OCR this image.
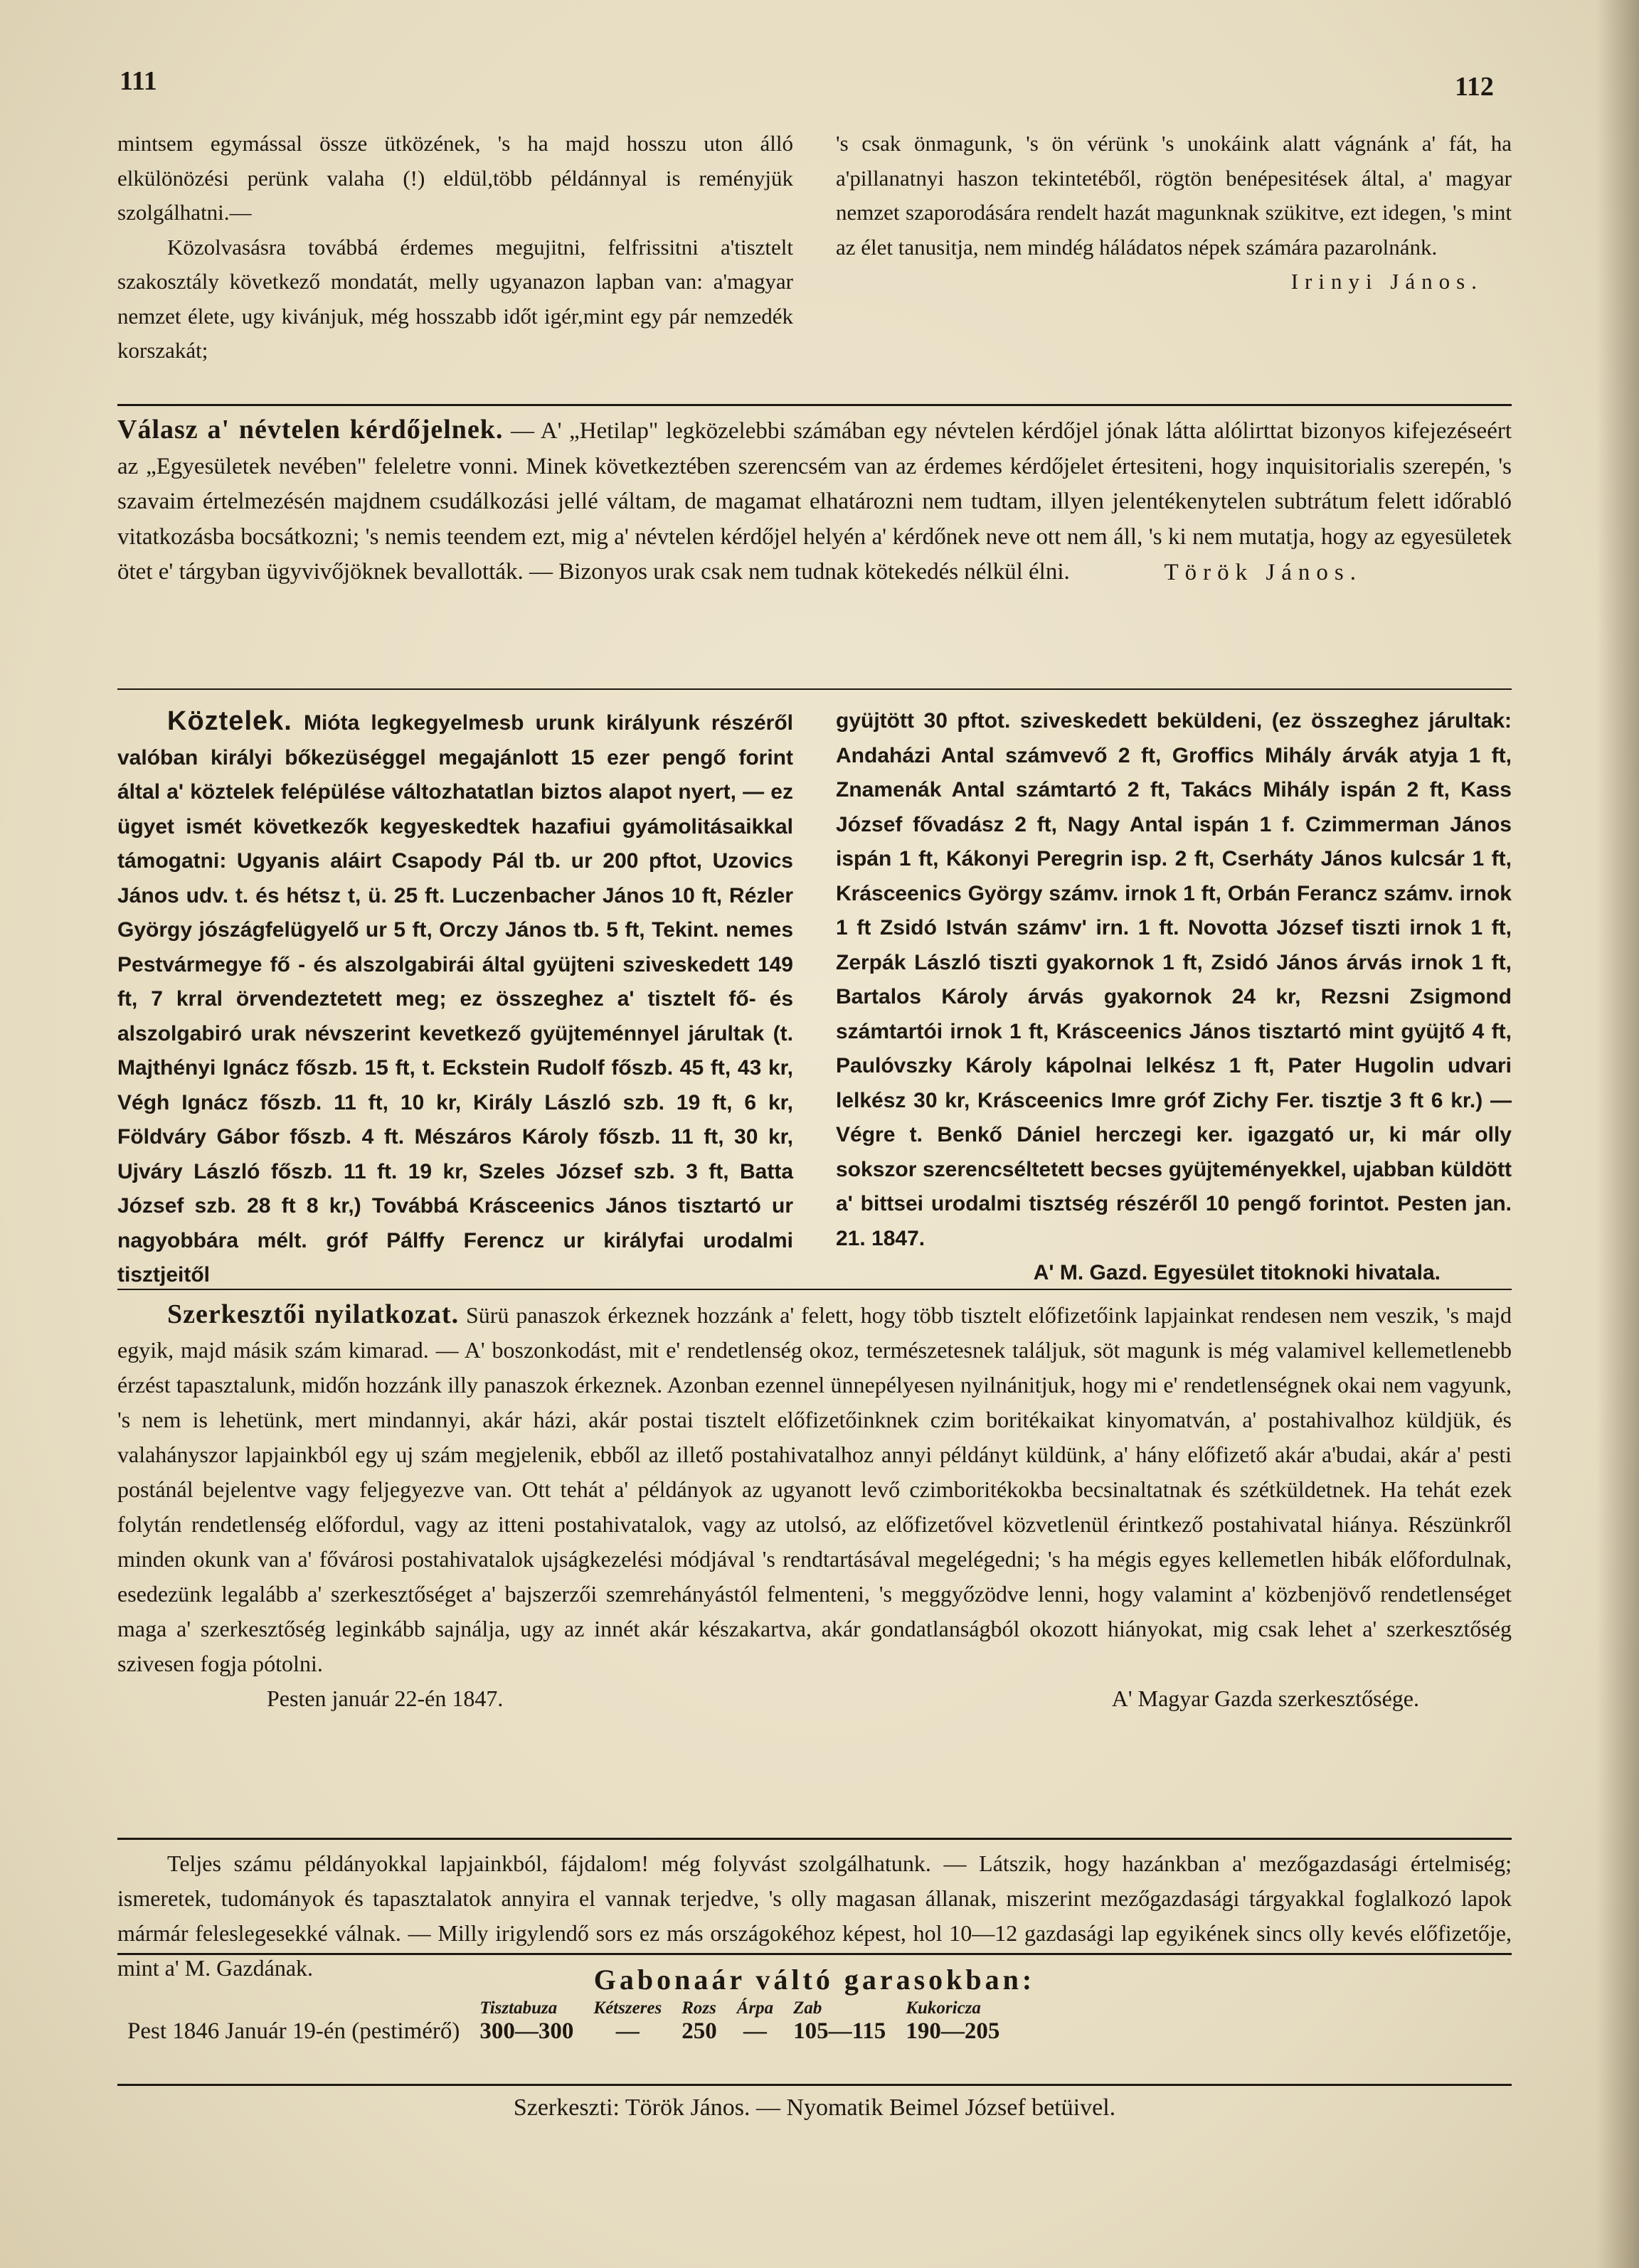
111	112

mintsem egymással össze ütközének, 's ha majd hosszu uton álló elkülönözési perünk valaha (!) eldül,több példánnyal is reményjük szolgálhatni.—

Közolvasásra továbbá érdemes megujitni, felfrissitni a'tisztelt szakosztály következő mondatát, melly ugyanazon lapban van: a'magyar nemzet élete, ugy kivánjuk, még hosszabb időt igér,mint egy pár nemzedék korszakát;

's csak önmagunk, 's ön vérünk 's unokáink alatt vágnánk a' fát, ha a'pillanatnyi haszon tekintetéből, rögtön benépesitések által, a' magyar nemzet szaporodására rendelt hazát magunknak szükitve, ezt idegen, 's mint az élet tanusitja, nem mindég háládatos népek számára pazarolnánk.

Irinyi János.

Válasz a' névtelen kérdőjelnek. — A' „Hetilap" legközelebbi számában egy névtelen kérdőjel jónak látta alólirttat bizonyos kifejezéseért az „Egyesületek nevében" feleletre vonni. Minek következtében szerencsém van az érdemes kérdőjelet értesiteni, hogy inquisitorialis szerepén, 's szavaim értelmezésén majdnem csudálkozási jellé váltam, de magamat elhatározni nem tudtam, illyen jelentékenytelen subtrátum felett időrabló vitatkozásba bocsátkozni; 's nemis teendem ezt, mig a' névtelen kérdőjel helyén a' kérdőnek neve ott nem áll, 's ki nem mutatja, hogy az egyesületek ötet e' tárgyban ügyvivőjöknek bevallották. — Bizonyos urak csak nem tudnak kötekedés nélkül élni.	Török János.

Köztelek. Mióta legkegyelmesb urunk királyunk részéről valóban királyi bőkezüséggel megajánlott 15 ezer pengő forint által a' köztelek felépülése változhatatlan biztos alapot nyert, — ez ügyet ismét következők kegyeskedtek hazafiui gyámolitásaikkal támogatni: Ugyanis aláirt Csapody Pál tb. ur 200 pftot, Uzovics János udv. t. és hétsz t, ü. 25 ft. Luczenbacher János 10 ft, Rézler György jószágfelügyelő ur 5 ft, Orczy János tb. 5 ft, Tekint. nemes Pestvármegye fő - és alszolgabirái által gyüjteni sziveskedett 149 ft, 7 krral örvendeztetett meg; ez összeghez a' tisztelt fő- és alszolgabiró urak névszerint kevetkező gyüjteménnyel járultak (t. Majthényi Ignácz főszb. 15 ft, t. Eckstein Rudolf főszb. 45 ft, 43 kr, Végh Ignácz főszb. 11 ft, 10 kr, Király László szb. 19 ft, 6 kr, Földváry Gábor főszb. 4 ft. Mészáros Károly főszb. 11 ft, 30 kr, Ujváry László főszb. 11 ft. 19 kr, Szeles József szb. 3 ft, Batta József szb. 28 ft 8 kr,) Továbbá Krásceenics János tisztartó ur nagyobbára mélt. gróf Pálffy Ferencz ur királyfai urodalmi tisztjeitől

gyüjtött 30 pftot. sziveskedett beküldeni, (ez összeghez járultak: Andaházi Antal számvevő 2 ft, Groffics Mihály árvák atyja 1 ft, Znamenák Antal számtartó 2 ft, Takács Mihály ispán 2 ft, Kass József fővadász 2 ft, Nagy Antal ispán 1 f. Czimmerman János ispán 1 ft, Kákonyi Peregrin isp. 2 ft, Cserháty János kulcsár 1 ft, Krásceenics György számv. irnok 1 ft, Orbán Ferancz számv. irnok 1 ft Zsidó István számv' irn. 1 ft. Novotta József tiszti irnok 1 ft, Zerpák László tiszti gyakornok 1 ft, Zsidó János árvás irnok 1 ft, Bartalos Károly árvás gyakornok 24 kr, Rezsni Zsigmond számtartói irnok 1 ft, Krásceenics János tisztartó mint gyüjtő 4 ft, Paulóvszky Károly kápolnai lelkész 1 ft, Pater Hugolin udvari lelkész 30 kr, Krásceenics Imre gróf Zichy Fer. tisztje 3 ft 6 kr.) — Végre t. Benkő Dániel herczegi ker. igazgató ur, ki már olly sokszor szerencséltetett becses gyüjteményekkel, ujabban küldött a' bittsei urodalmi tisztség részéről 10 pengő forintot. Pesten jan. 21. 1847.

A' M. Gazd. Egyesület titoknoki hivatala.

Szerkesztői nyilatkozat. Sürü panaszok érkeznek hozzánk a' felett, hogy több tisztelt előfizetőink lapjainkat rendesen nem veszik, 's majd egyik, majd másik szám kimarad. — A' boszonkodást, mit e' rendetlenség okoz, természetesnek találjuk, söt magunk is még valamivel kellemetlenebb érzést tapasztalunk, midőn hozzánk illy panaszok érkeznek. Azonban ezennel ünnepélyesen nyilnánitjuk, hogy mi e' rendetlenségnek okai nem vagyunk, 's nem is lehetünk, mert mindannyi, akár házi, akár postai tisztelt előfizetőinknek czim boritékaikat kinyomatván, a' postahivalhoz küldjük, és valahányszor lapjainkból egy uj szám megjelenik, ebből az illető postahivatalhoz annyi példányt küldünk, a' hány előfizető akár a'budai, akár a' pesti postánál bejelentve vagy feljegyezve van. Ott tehát a' példányok az ugyanott levő czimboritékokba becsinaltatnak és szétküldetnek. Ha tehát ezek folytán rendetlenség előfordul, vagy az itteni postahivatalok, vagy az utolsó, az előfizetővel közvetlenül érintkező postahivatal hiánya. Részünkről minden okunk van a' fővárosi postahivatalok ujságkezelési módjával 's rendtartásával megelégedni; 's ha mégis egyes kellemetlen hibák előfordulnak, esedezünk legalább a' szerkesztőséget a' bajszerzői szemrehányástól felmenteni, 's meggyőzödve lenni, hogy valamint a' közbenjövő rendetlenséget maga a' szerkesztőség leginkább sajnálja, ugy az innét akár készakartva, akár gondatlanságból okozott hiányokat, mig csak lehet a' szerkesztőség szivesen fogja pótolni.

Pesten január 22-én 1847.	A' Magyar Gazda szerkesztősége.

Teljes számu példányokkal lapjainkból, fájdalom! még folyvást szolgálhatunk. — Látszik, hogy hazánkban a' mezőgazdasági értelmiség; ismeretek, tudományok és tapasztalatok annyira el vannak terjedve, 's olly magasan állanak, miszerint mezőgazdasági tárgyakkal foglalkozó lapok mármár feleslegesekké válnak. — Milly irigylendő sors ez más országokéhoz képest, hol 10—12 gazdasági lap egyikének sincs olly kevés előfizetője, mint a' M. Gazdának.	Gabonaár váltó garasokban:
	Tisztabuza	Kétszeres	Rozs	Árpa	Zab	Kukoricza
Pest 1846 Január 19-én (pestimérő)	300—300	—	250	—	105—115	190—205
Szerkeszti: Török János. — Nyomatik Beimel József betüivel.
